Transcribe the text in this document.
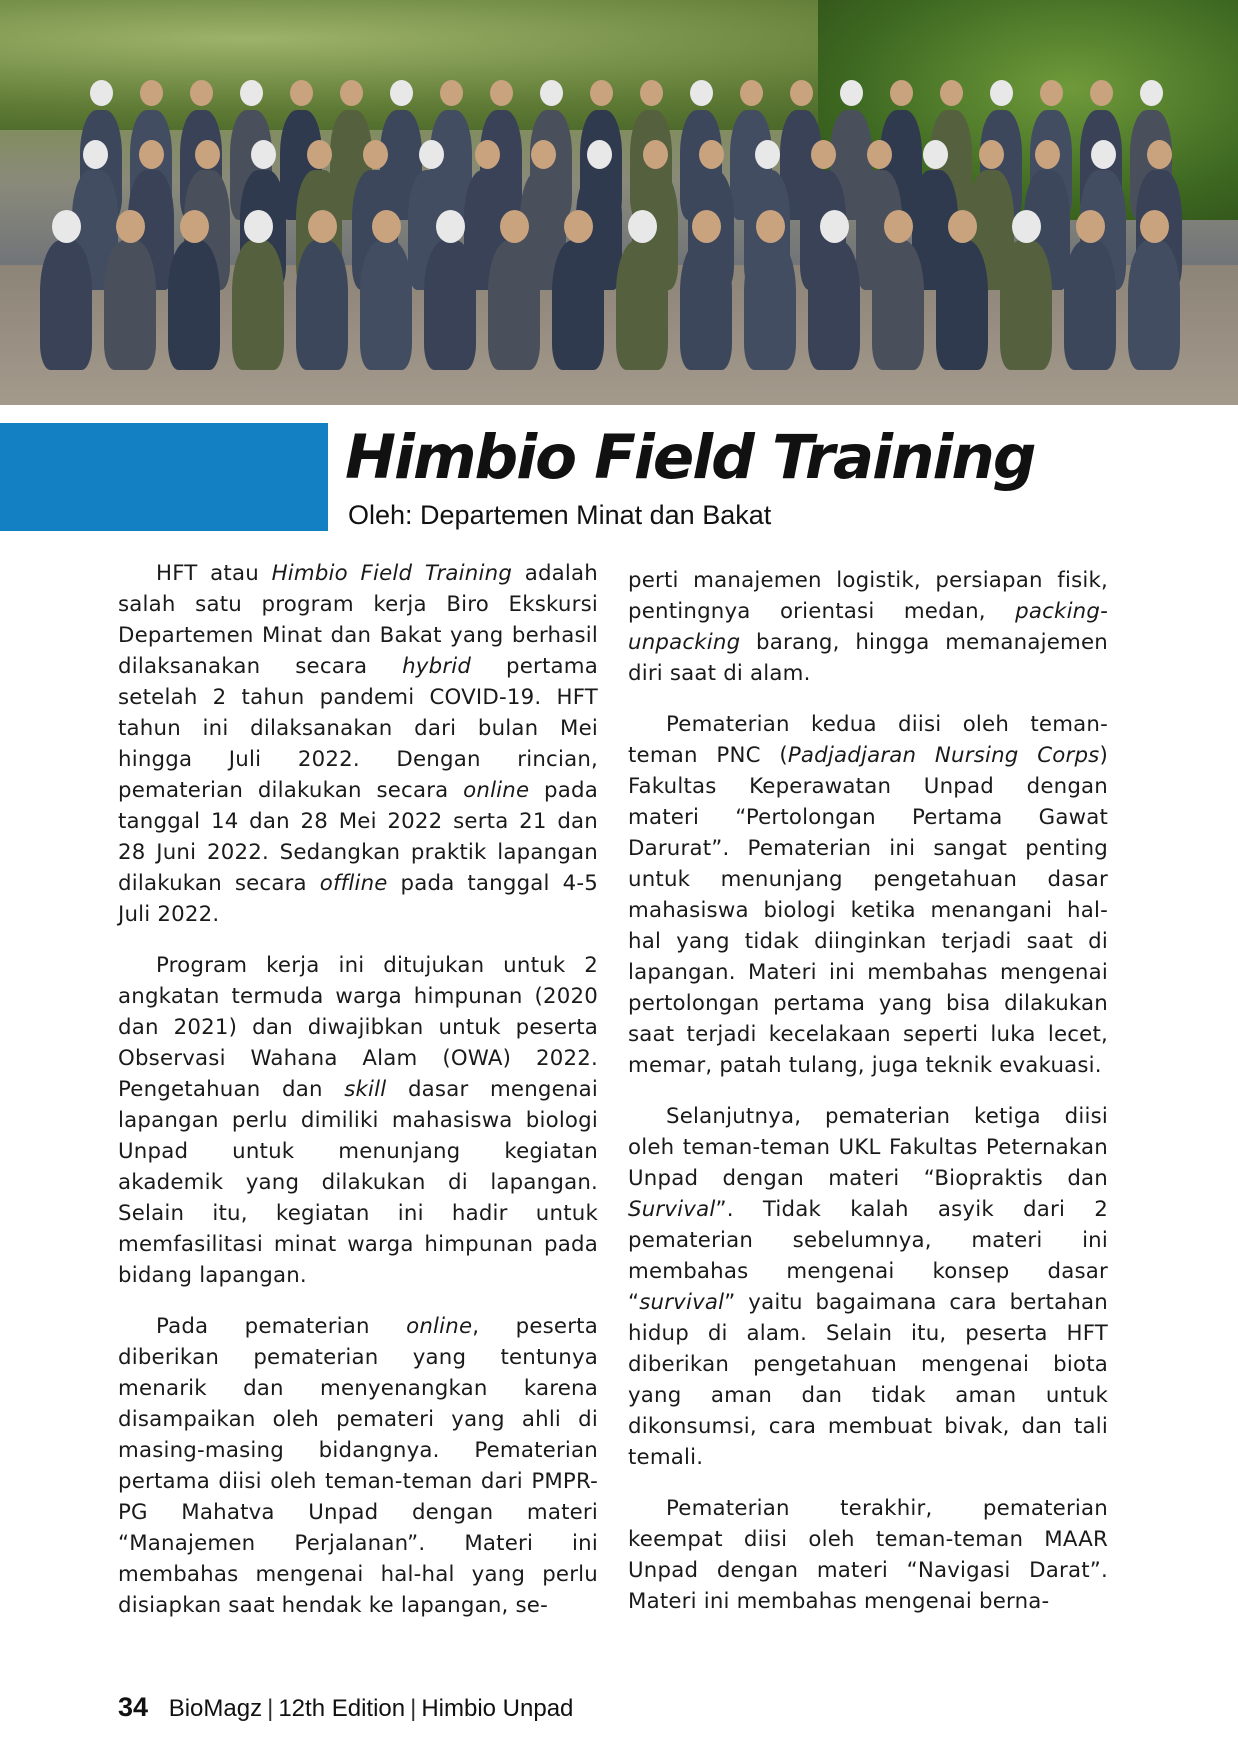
Himbio Field Training

Oleh: Departemen Minat dan Bakat

HFT atau Himbio Field Training adalah salah satu program kerja Biro Ekskursi Departemen Minat dan Bakat yang berhasil dilaksanakan secara hybrid pertama setelah 2 tahun pandemi COVID-19. HFT tahun ini dilaksanakan dari bulan Mei hingga Juli 2022. Dengan rincian, pematerian dilakukan secara online pada tanggal 14 dan 28 Mei 2022 serta 21 dan 28 Juni 2022. Sedangkan praktik lapangan dilakukan secara offline pada tanggal 4-5 Juli 2022.

Program kerja ini ditujukan untuk 2 angkatan termuda warga himpunan (2020 dan 2021) dan diwajibkan untuk peserta Observasi Wahana Alam (OWA) 2022. Pengetahuan dan skill dasar mengenai lapangan perlu dimiliki mahasiswa biologi Unpad untuk menunjang kegiatan akademik yang dilakukan di lapangan. Selain itu, kegiatan ini hadir untuk memfasilitasi minat warga himpunan pada bidang lapangan.

Pada pematerian online, peserta diberikan pematerian yang tentunya menarik dan menyenangkan karena disampaikan oleh pemateri yang ahli di masing-masing bidangnya. Pematerian pertama diisi oleh teman-teman dari PMPR-PG Mahatva Unpad dengan materi “Manajemen Perjalanan”. Materi ini membahas mengenai hal-hal yang perlu disiapkan saat hendak ke lapangan, se-

perti manajemen logistik, persiapan fisik, pentingnya orientasi medan, packing-unpacking barang, hingga memanajemen diri saat di alam.

Pematerian kedua diisi oleh teman-teman PNC (Padjadjaran Nursing Corps) Fakultas Keperawatan Unpad dengan materi “Pertolongan Pertama Gawat Darurat”. Pematerian ini sangat penting untuk menunjang pengetahuan dasar mahasiswa biologi ketika menangani hal-hal yang tidak diinginkan terjadi saat di lapangan. Materi ini membahas mengenai pertolongan pertama yang bisa dilakukan saat terjadi kecelakaan seperti luka lecet, memar, patah tulang, juga teknik evakuasi.

Selanjutnya, pematerian ketiga diisi oleh teman-teman UKL Fakultas Peternakan Unpad dengan materi “Biopraktis dan Survival”. Tidak kalah asyik dari 2 pematerian sebelumnya, materi ini membahas mengenai konsep dasar “survival” yaitu bagaimana cara bertahan hidup di alam. Selain itu, peserta HFT diberikan pengetahuan mengenai biota yang aman dan tidak aman untuk dikonsumsi, cara membuat bivak, dan tali temali.

Pematerian terakhir, pematerian keempat diisi oleh teman-teman MAAR Unpad dengan materi “Navigasi Darat”. Materi ini membahas mengenai berna-

34 BioMagz | 12th Edition | Himbio Unpad
